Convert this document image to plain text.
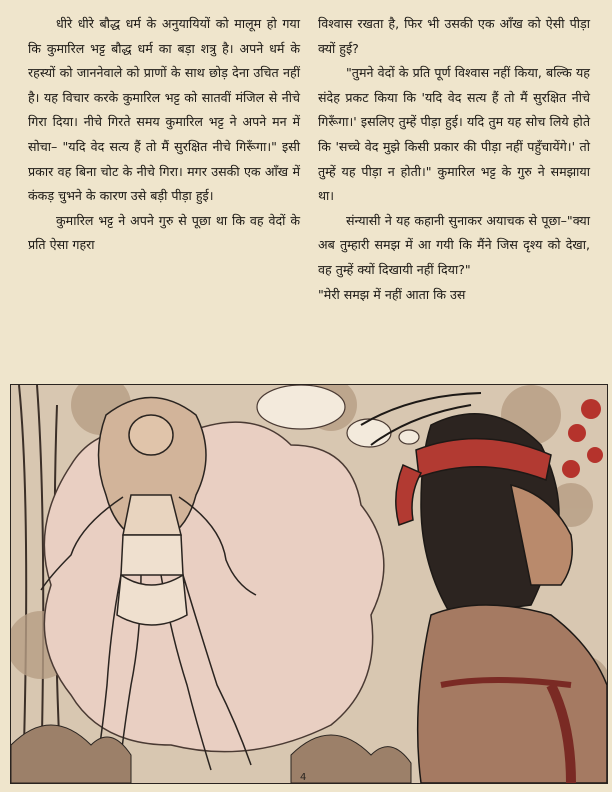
धीरे धीरे बौद्ध धर्म के अनुयायियों को मालूम हो गया कि कुमारिल भट्ट बौद्ध धर्म का बड़ा शत्रु है। अपने धर्म के रहस्यों को जाननेवाले को प्राणों के साथ छोड़ देना उचित नहीं है। यह विचार करके कुमारिल भट्ट को सातवीं मंजिल से नीचे गिरा दिया। नीचे गिरते समय कुमारिल भट्ट ने अपने मन में सोचा– "यदि वेद सत्य हैं तो मैं सुरक्षित नीचे गिरूँगा।" इसी प्रकार वह बिना चोट के नीचे गिरा। मगर उसकी एक आँख में कंकड़ चुभने के कारण उसे बड़ी पीड़ा हुई।

कुमारिल भट्ट ने अपने गुरु से पूछा था कि वह वेदों के प्रति ऐसा गहरा

विश्वास रखता है, फिर भी उसकी एक आँख को ऐसी पीड़ा क्यों हुई?

"तुमने वेदों के प्रति पूर्ण विश्वास नहीं किया, बल्कि यह संदेह प्रकट किया कि 'यदि वेद सत्य हैं तो मैं सुरक्षित नीचे गिरूँगा।' इसलिए तुम्हें पीड़ा हुई। यदि तुम यह सोच लिये होते कि 'सच्चे वेद मुझे किसी प्रकार की पीड़ा नहीं पहुँचायेंगे।' तो तुम्हें यह पीड़ा न होती।" कुमारिल भट्ट के गुरु ने समझाया था।

संन्यासी ने यह कहानी सुनाकर अयाचक से पूछा–"क्या अब तुम्हारी समझ में आ गयी कि मैंने जिस दृश्य को देखा, वह तुम्हें क्यों दिखायी नहीं दिया?"

"मेरी समझ में नहीं आता कि उस

4
